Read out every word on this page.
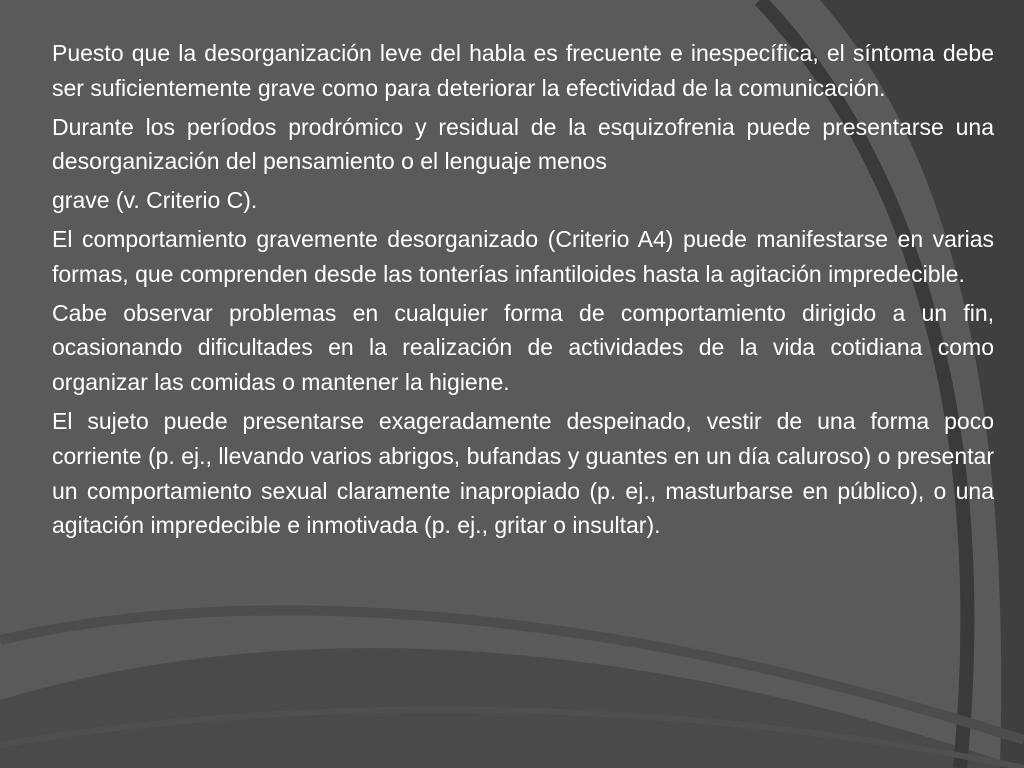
Puesto que la desorganización leve del habla es frecuente e inespecífica, el síntoma debe ser suficientemente grave como para deteriorar la efectividad de la comunicación.

Durante los períodos prodrómico y residual de la esquizofrenia puede presentarse una desorganización del pensamiento o el lenguaje menos

grave (v. Criterio C).

El comportamiento gravemente desorganizado (Criterio A4) puede manifestarse en varias formas, que comprenden desde las tonterías infantiloides hasta la agitación impredecible.

Cabe observar problemas en cualquier forma de comportamiento dirigido a un fin, ocasionando dificultades en la realización de actividades de la vida cotidiana como organizar las comidas o mantener la higiene.

El sujeto puede presentarse exageradamente despeinado, vestir de una forma poco corriente (p. ej., llevando varios abrigos, bufandas y guantes en un día caluroso) o presentar un comportamiento sexual claramente inapropiado (p. ej., masturbarse en público), o una agitación impredecible e inmotivada (p. ej., gritar o insultar).
